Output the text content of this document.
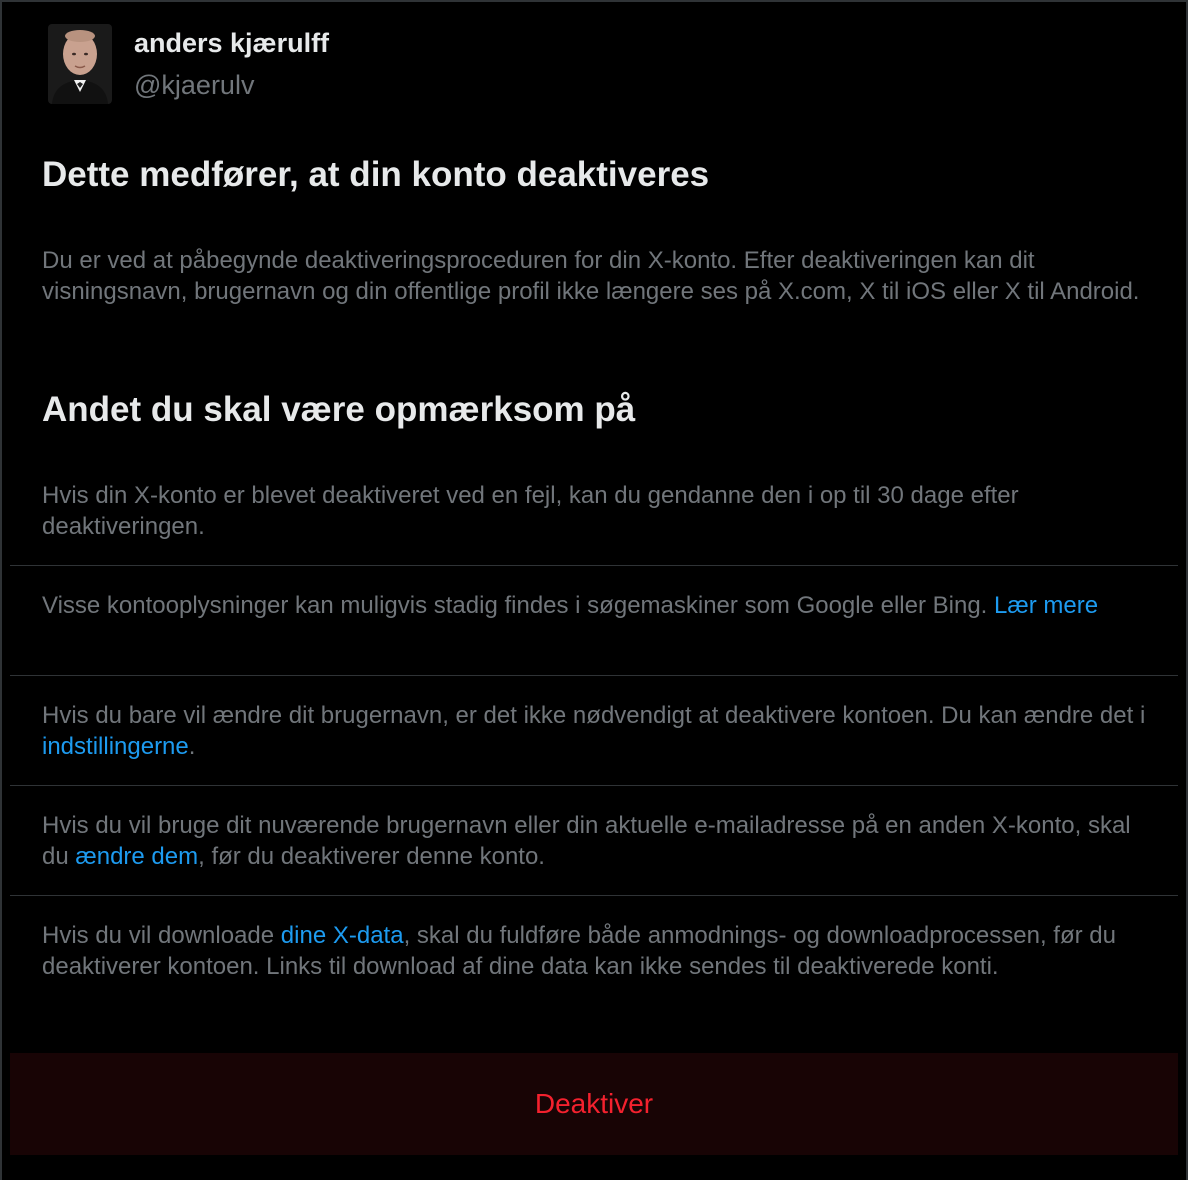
anders kjærulff
@kjaerulv
Dette medfører, at din konto deaktiveres

Du er ved at påbegynde deaktiveringsproceduren for din X-konto. Efter deaktiveringen kan dit visningsnavn, brugernavn og din offentlige profil ikke længere ses på X.com, X til iOS eller X til Android.

Andet du skal være opmærksom på

Hvis din X-konto er blevet deaktiveret ved en fejl, kan du gendanne den i op til 30 dage efter deaktiveringen.

Visse kontooplysninger kan muligvis stadig findes i søgemaskiner som Google eller Bing. Lær mere

Hvis du bare vil ændre dit brugernavn, er det ikke nødvendigt at deaktivere kontoen. Du kan ændre det i indstillingerne.

Hvis du vil bruge dit nuværende brugernavn eller din aktuelle e-mailadresse på en anden X-konto, skal du ændre dem, før du deaktiverer denne konto.

Hvis du vil downloade dine X-data, skal du fuldføre både anmodnings- og downloadprocessen, før du deaktiverer kontoen. Links til download af dine data kan ikke sendes til deaktiverede konti.

Deaktiver
